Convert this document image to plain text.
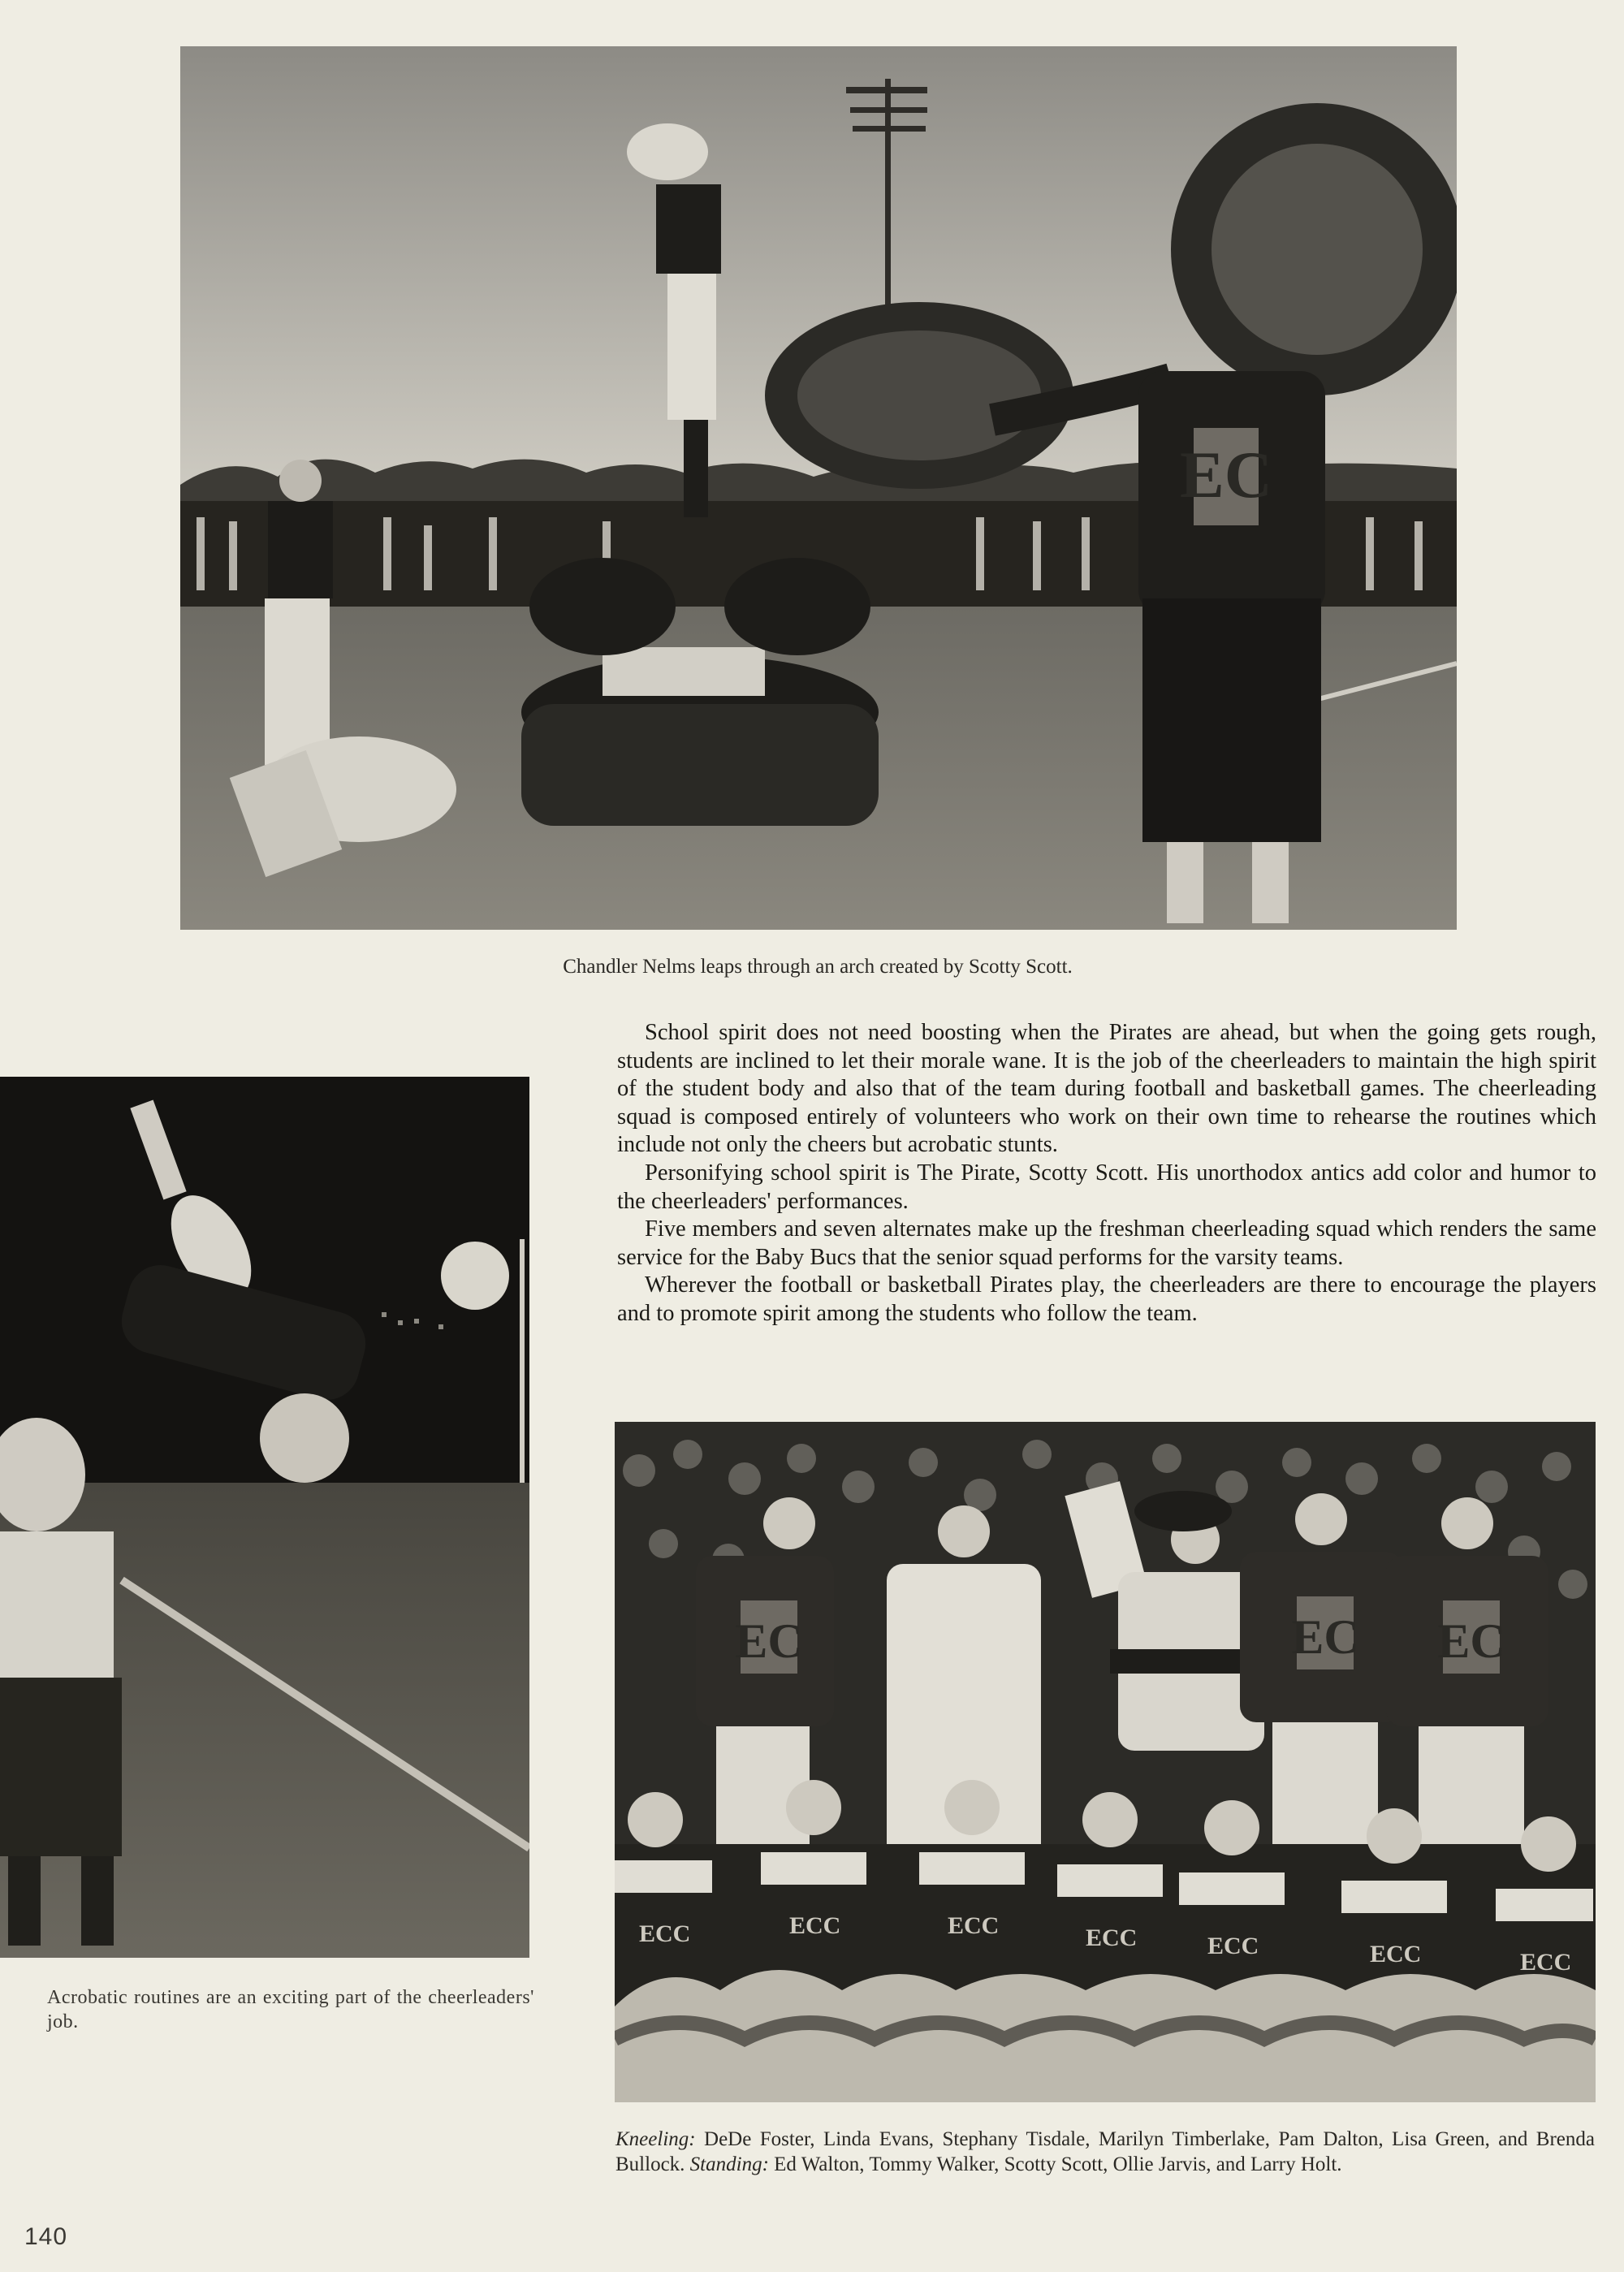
EC
Chandler Nelms leaps through an arch created by Scotty Scott.
Acrobatic routines are an exciting part of the cheerleaders' job.

School spirit does not need boosting when the Pirates are ahead, but when the going gets rough, students are inclined to let their morale wane. It is the job of the cheerleaders to maintain the high spirit of the student body and also that of the team during football and basketball games. The cheerleading squad is composed entirely of volunteers who work on their own time to rehearse the routines which include not only the cheers but acrobatic stunts.

Personifying school spirit is The Pirate, Scotty Scott. His unorthodox antics add color and humor to the cheerleaders' performances.

Five members and seven alternates make up the freshman cheerleading squad which renders the same service for the Baby Bucs that the senior squad performs for the varsity teams.

Wherever the football or basketball Pirates play, the cheerleaders are there to encourage the players and to promote spirit among the students who follow the team.

EC	EC EC
ECC	ECC	ECC	ECC	ECC	ECC	ECC
Kneeling: DeDe Foster, Linda Evans, Stephany Tisdale, Marilyn Timberlake, Pam Dalton, Lisa Green, and Brenda Bullock. Standing: Ed Walton, Tommy Walker, Scotty Scott, Ollie Jarvis, and Larry Holt.
140
